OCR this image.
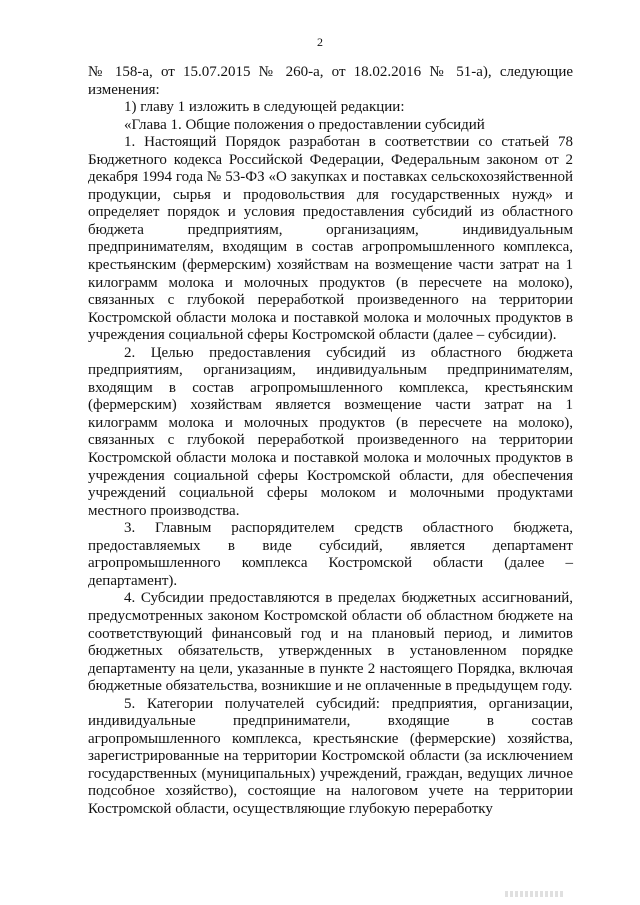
2

№ 158-а, от 15.07.2015 № 260-а, от 18.02.2016 № 51-а), следующие изменения:

1) главу 1 изложить в следующей редакции:

«Глава 1. Общие положения о предоставлении субсидий

1. Настоящий Порядок разработан в соответствии со статьей 78 Бюджетного кодекса Российской Федерации, Федеральным законом от 2 декабря 1994 года № 53-ФЗ «О закупках и поставках сельскохозяйственной продукции, сырья и продовольствия для государственных нужд» и определяет порядок и условия предоставления субсидий из областного бюджета предприятиям, организациям, индивидуальным предпринимателям, входящим в состав агропромышленного комплекса, крестьянским (фермерским) хозяйствам на возмещение части затрат на 1 килограмм молока и молочных продуктов (в пересчете на молоко), связанных с глубокой переработкой произведенного на территории Костромской области молока и поставкой молока и молочных продуктов в учреждения социальной сферы Костромской области (далее – субсидии).

2. Целью предоставления субсидий из областного бюджета предприятиям, организациям, индивидуальным предпринимателям, входящим в состав агропромышленного комплекса, крестьянским (фермерским) хозяйствам является возмещение части затрат на 1 килограмм молока и молочных продуктов (в пересчете на молоко), связанных с глубокой переработкой произведенного на территории Костромской области молока и поставкой молока и молочных продуктов в учреждения социальной сферы Костромской области, для обеспечения учреждений социальной сферы молоком и молочными продуктами местного производства.

3. Главным распорядителем средств областного бюджета, предоставляемых в виде субсидий, является департамент агропромышленного комплекса Костромской области (далее – департамент).

4. Субсидии предоставляются в пределах бюджетных ассигнований, предусмотренных законом Костромской области об областном бюджете на соответствующий финансовый год и на плановый период, и лимитов бюджетных обязательств, утвержденных в установленном порядке департаменту на цели, указанные в пункте 2 настоящего Порядка, включая бюджетные обязательства, возникшие и не оплаченные в предыдущем году.

5. Категории получателей субсидий: предприятия, организации, индивидуальные предприниматели, входящие в состав агропромышленного комплекса, крестьянские (фермерские) хозяйства, зарегистрированные на территории Костромской области (за исключением государственных (муниципальных) учреждений, граждан, ведущих личное подсобное хозяйство), состоящие на налоговом учете на территории Костромской области, осуществляющие глубокую переработку
